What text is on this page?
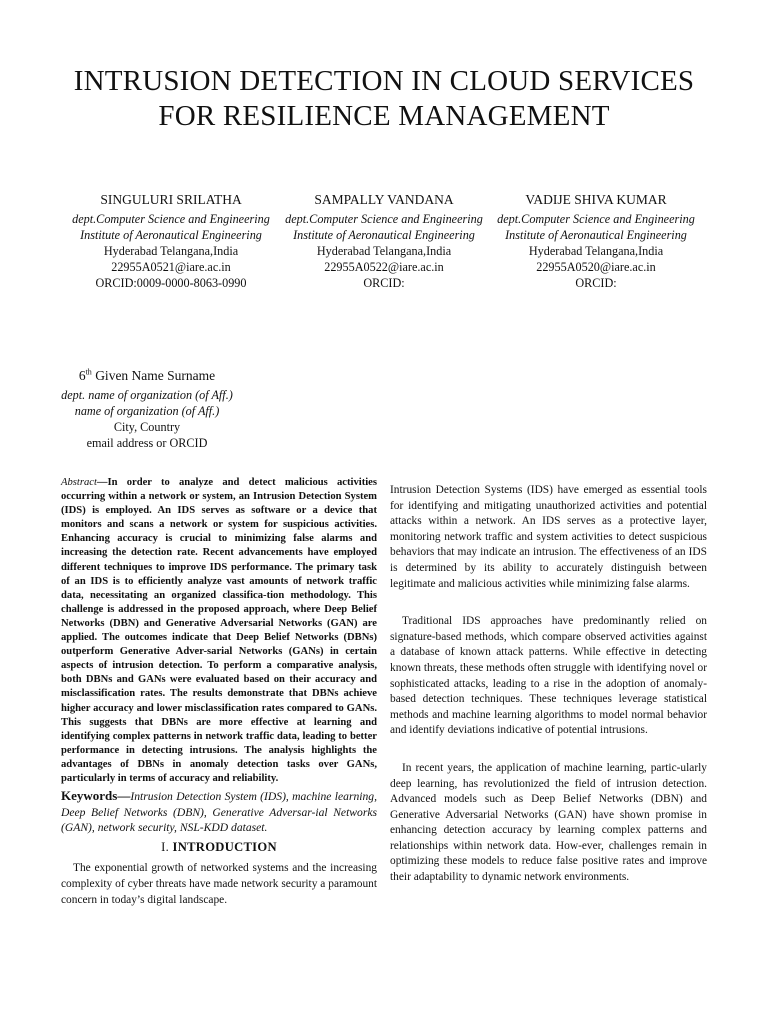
INTRUSION DETECTION IN CLOUD SERVICES
FOR RESILIENCE MANAGEMENT
SINGULURI SRILATHA
dept.Computer Science and Engineering
Institute of Aeronautical Engineering
Hyderabad Telangana,India
22955A0521@iare.ac.in
ORCID:0009-0000-8063-0990
SAMPALLY VANDANA
dept.Computer Science and Engineering
Institute of Aeronautical Engineering
Hyderabad Telangana,India
22955A0522@iare.ac.in
ORCID:
VADIJE SHIVA KUMAR
dept.Computer Science and Engineering
Institute of Aeronautical Engineering
Hyderabad Telangana,India
22955A0520@iare.ac.in
ORCID:
6th Given Name Surname
dept. name of organization (of Aff.)
name of organization (of Aff.)
City, Country
email address or ORCID

Abstract—In order to analyze and detect malicious activities occurring within a network or system, an Intrusion Detection System (IDS) is employed. An IDS serves as software or a device that monitors and scans a network or system for suspicious activities. Enhancing accuracy is crucial to minimizing false alarms and increasing the detection rate. Recent advancements have employed different techniques to improve IDS performance. The primary task of an IDS is to efficiently analyze vast amounts of network traffic data, necessitating an organized classifica-tion methodology. This challenge is addressed in the proposed approach, where Deep Belief Networks (DBN) and Generative Adversarial Networks (GAN) are applied. The outcomes indicate that Deep Belief Networks (DBNs) outperform Generative Adver-sarial Networks (GANs) in certain aspects of intrusion detection. To perform a comparative analysis, both DBNs and GANs were evaluated based on their accuracy and misclassification rates. The results demonstrate that DBNs achieve higher accuracy and lower misclassification rates compared to GANs. This suggests that DBNs are more effective at learning and identifying complex patterns in network traffic data, leading to better performance in detecting intrusions. The analysis highlights the advantages of DBNs in anomaly detection tasks over GANs, particularly in terms of accuracy and reliability.

Keywords—Intrusion Detection System (IDS), machine learning, Deep Belief Networks (DBN), Generative Adversar-ial Networks (GAN), network security, NSL-KDD dataset.

I. INTRODUCTION

The exponential growth of networked systems and the increasing complexity of cyber threats have made network security a paramount concern in today’s digital landscape.

Intrusion Detection Systems (IDS) have emerged as essential tools for identifying and mitigating unauthorized activities and potential attacks within a network. An IDS serves as a protective layer, monitoring network traffic and system activities to detect suspicious behaviors that may indicate an intrusion. The effectiveness of an IDS is determined by its ability to accurately distinguish between legitimate and malicious activities while minimizing false alarms.

Traditional IDS approaches have predominantly relied on signature-based methods, which compare observed activities against a database of known attack patterns. While effective in detecting known threats, these methods often struggle with identifying novel or sophisticated attacks, leading to a rise in the adoption of anomaly-based detection techniques. These techniques leverage statistical methods and machine learning algorithms to model normal behavior and identify deviations indicative of potential intrusions.

In recent years, the application of machine learning, partic-ularly deep learning, has revolutionized the field of intrusion detection. Advanced models such as Deep Belief Networks (DBN) and Generative Adversarial Networks (GAN) have shown promise in enhancing detection accuracy by learning complex patterns and relationships within network data. How-ever, challenges remain in optimizing these models to reduce false positive rates and improve their adaptability to dynamic network environments.
